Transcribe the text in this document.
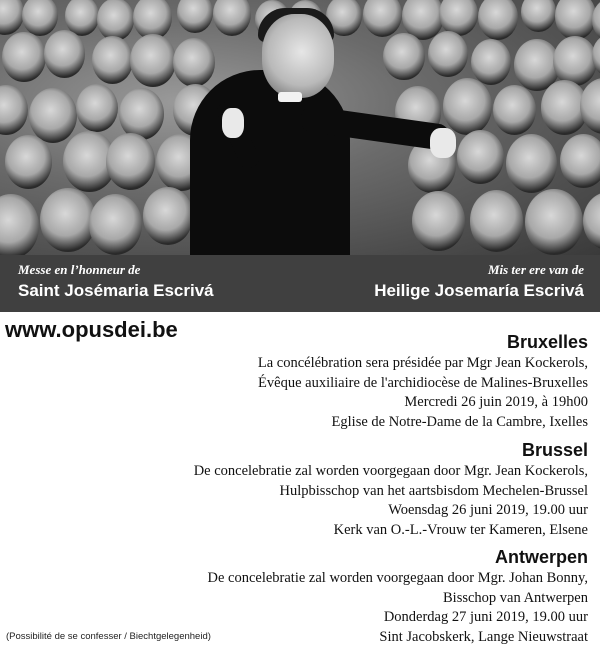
Messe en l’honneur de

Saint Josémaria Escrivá

Mis ter ere van de

Heilige Josemaría Escrivá

www.opusdei.be	Bruxelles

La concélébration sera présidée par Mgr Jean Kockerols,

Évêque auxiliaire de l'archidiocèse de Malines-Bruxelles

Mercredi 26 juin 2019, à 19h00

Eglise de Notre-Dame de la Cambre, Ixelles

Brussel

De concelebratie zal worden voorgegaan door Mgr. Jean Kockerols,

Hulpbisschop van het aartsbisdom Mechelen-Brussel

Woensdag 26 juni 2019, 19.00 uur

Kerk van O.-L.-Vrouw ter Kameren, Elsene

Antwerpen

De concelebratie zal worden voorgegaan door Mgr. Johan Bonny,

Bisschop van Antwerpen

Donderdag 27 juni 2019, 19.00 uur

Sint Jacobskerk, Lange Nieuwstraat

(Possibilité de se confesser / Biechtgelegenheid)
